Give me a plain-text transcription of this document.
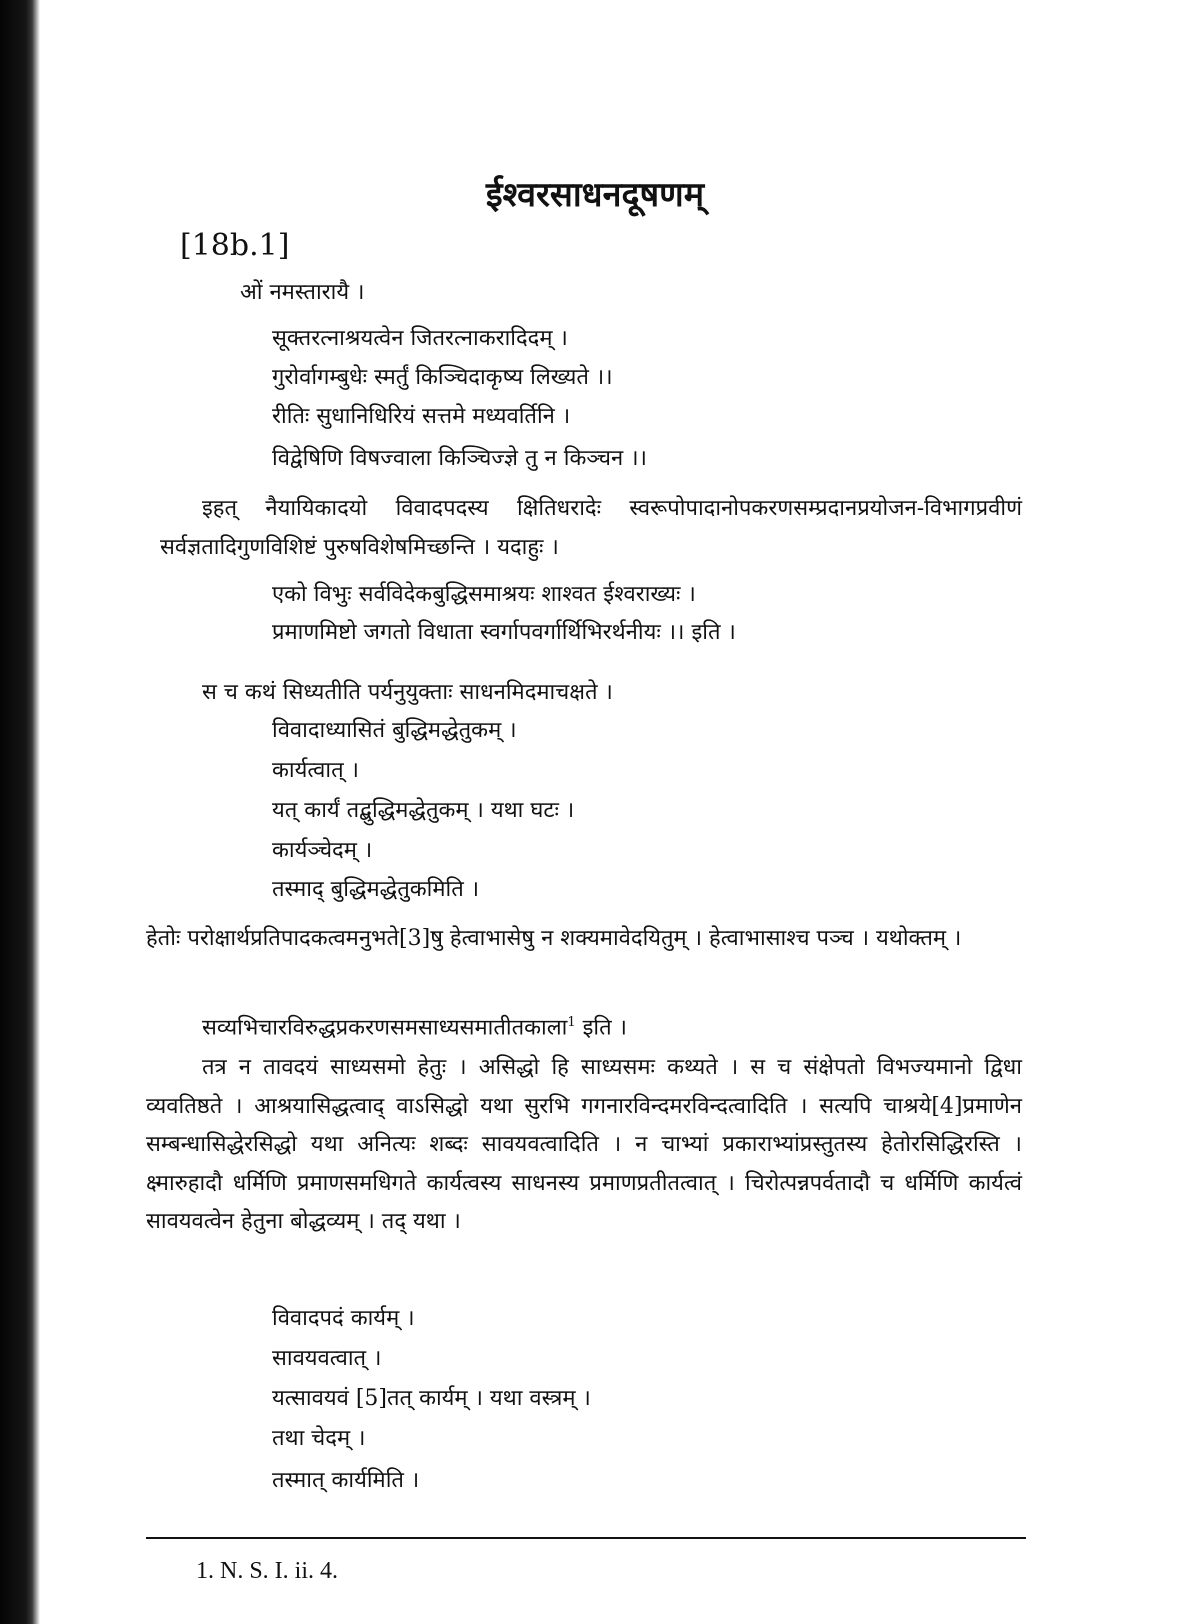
ईश्वरसाधनदूषणम्
[18b.1]
ओं नमस्तारायै ।
सूक्तरत्नाश्रयत्वेन जितरत्नाकरादिदम् ।
गुरोर्वागम्बुधेः स्मर्तुं किञ्चिदाकृष्य लिख्यते ।।
रीतिः सुधानिधिरियं सत्तमे मध्यवर्तिनि ।
विद्वेषिणि विषज्वाला किञ्चिज्ज्ञे तु न किञ्चन ।।
इहत् नैयायिकादयो विवादपदस्य क्षितिधरादेः स्वरूपोपादानोपकरणसम्प्रदानप्रयोजन-विभागप्रवीणं सर्वज्ञतादिगुणविशिष्टं पुरुषविशेषमिच्छन्ति । यदाहुः ।
एको विभुः सर्वविदेकबुद्धिसमाश्रयः शाश्वत ईश्वराख्यः ।
प्रमाणमिष्टो जगतो विधाता स्वर्गापवर्गार्थिभिरर्थनीयः ।। इति ।
स च कथं सिध्यतीति पर्यनुयुक्ताः साधनमिदमाचक्षते ।
विवादाध्यासितं बुद्धिमद्धेतुकम् ।
कार्यत्वात् ।
यत् कार्यं तद्बुद्धिमद्धेतुकम् । यथा घटः ।
कार्यञ्चेदम् ।
तस्माद् बुद्धिमद्धेतुकमिति ।
हेतोः परोक्षार्थप्रतिपादकत्वमनुभते[3]षु हेत्वाभासेषु न शक्यमावेदयितुम् । हेत्वाभासाश्च पञ्च । यथोक्तम् ।
सव्यभिचारविरुद्धप्रकरणसमसाध्यसमातीतकाला$^1$ इति ।
तत्र न तावदयं साध्यसमो हेतुः । असिद्धो हि साध्यसमः कथ्यते । स च संक्षेपतो विभज्यमानो द्विधा व्यवतिष्ठते । आश्रयासिद्धत्वाद् वाऽसिद्धो यथा सुरभि गगनारविन्दमरविन्दत्वादिति । सत्यपि चाश्रये[4]प्रमाणेन सम्बन्धासिद्धेरसिद्धो यथा अनित्यः शब्दः सावयवत्वादिति । न चाभ्यां प्रकाराभ्यांप्रस्तुतस्य हेतोरसिद्धिरस्ति । क्ष्मारुहादौ धर्मिणि प्रमाणसमधिगते कार्यत्वस्य साधनस्य प्रमाणप्रतीतत्वात् । चिरोत्पन्नपर्वतादौ च धर्मिणि कार्यत्वं सावयवत्वेन हेतुना बोद्धव्यम् । तद् यथा ।
विवादपदं कार्यम् ।
सावयवत्वात् ।
यत्सावयवं [5]तत् कार्यम् । यथा वस्त्रम् ।
तथा चेदम् ।
तस्मात् कार्यमिति ।
1. N. S. I. ii. 4.
